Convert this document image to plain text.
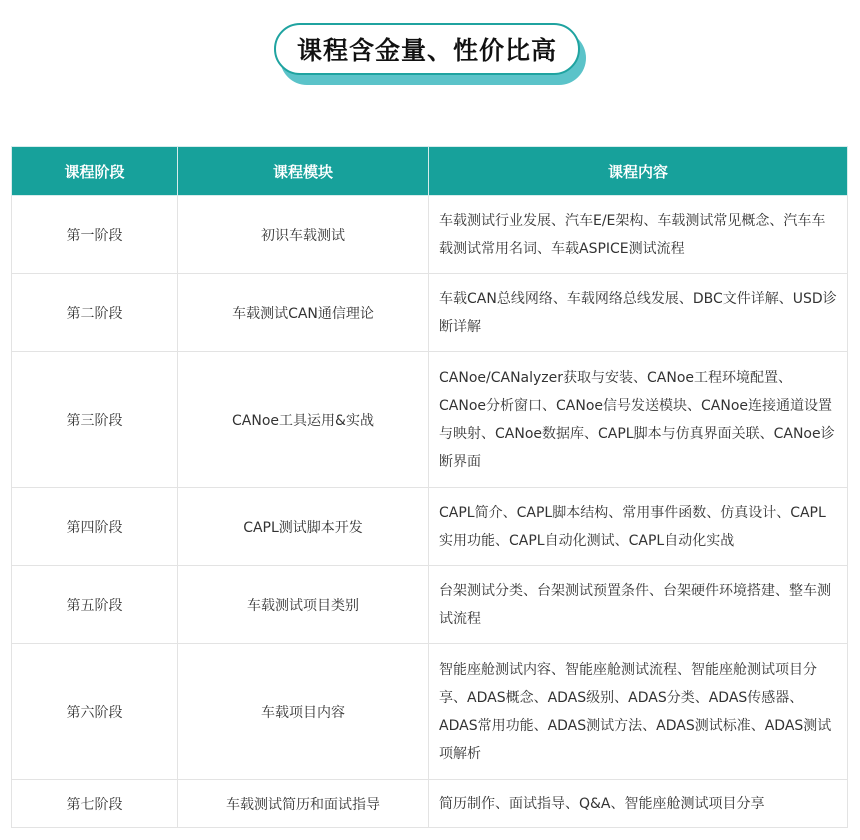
课程含金量、性价比高
课程阶段	课程模块	课程内容
第一阶段	初识车载测试	车载测试行业发展、汽车E/E架构、车载测试常见概念、汽车车载测试常用名词、车载ASPICE测试流程
第二阶段	车载测试CAN通信理论	车载CAN总线网络、车载网络总线发展、DBC文件详解、USD诊断详解
第三阶段	CANoe工具运用&实战	CANoe/CANalyzer获取与安装、CANoe工程环境配置、CANoe分析窗口、CANoe信号发送模块、CANoe连接通道设置与映射、CANoe数据库、CAPL脚本与仿真界面关联、CANoe诊断界面
第四阶段	CAPL测试脚本开发	CAPL简介、CAPL脚本结构、常用事件函数、仿真设计、CAPL实用功能、CAPL自动化测试、CAPL自动化实战
第五阶段	车载测试项目类别	台架测试分类、台架测试预置条件、台架硬件环境搭建、整车测试流程
第六阶段	车载项目内容	智能座舱测试内容、智能座舱测试流程、智能座舱测试项目分享、ADAS概念、ADAS级别、ADAS分类、ADAS传感器、ADAS常用功能、ADAS测试方法、ADAS测试标准、ADAS测试项解析
第七阶段	车载测试简历和面试指导	简历制作、面试指导、Q&A、智能座舱测试项目分享
